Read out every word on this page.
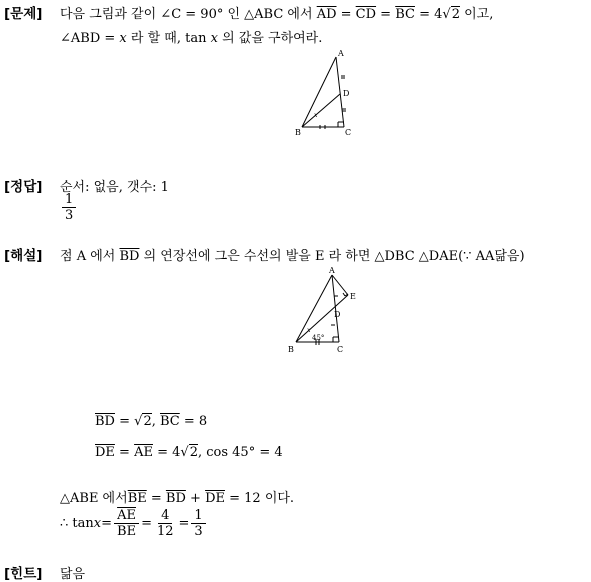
[문제] 다음 그림과 같이 ∠C = 90° 인 △ABC 에서 $\overline{AD} = \overline{CD} = \overline{BC} = 4√2$ 이고,
∠ABD = x 라 할 때, tan x 의 값을 구하여라.
A
D
B	C
x
[정답] 순서: 없음, 갯수: 1
$\frac{1}{3}$
[해설] 점 A 에서 $\overline{BD}$ 의 연장선에 그은 수선의 발을 E 라 하면 △DBC △DAE(∵ AA닮음)
A
E
D
B	C
x
45°
$\overline{BD} = √2$, $\overline{BC} = 8$
$\overline{DE} = \overline{AE} = 4√2$, cos 45° = 4
△ABE 에서$\overline{BE} = \overline{BD} + \overline{DE} = 12$ 이다.
∴ $\tan x = \frac{\overline{AE}}{BE} = \frac{4}{12} = \frac{1}{3}$
[힌트] 닮음
